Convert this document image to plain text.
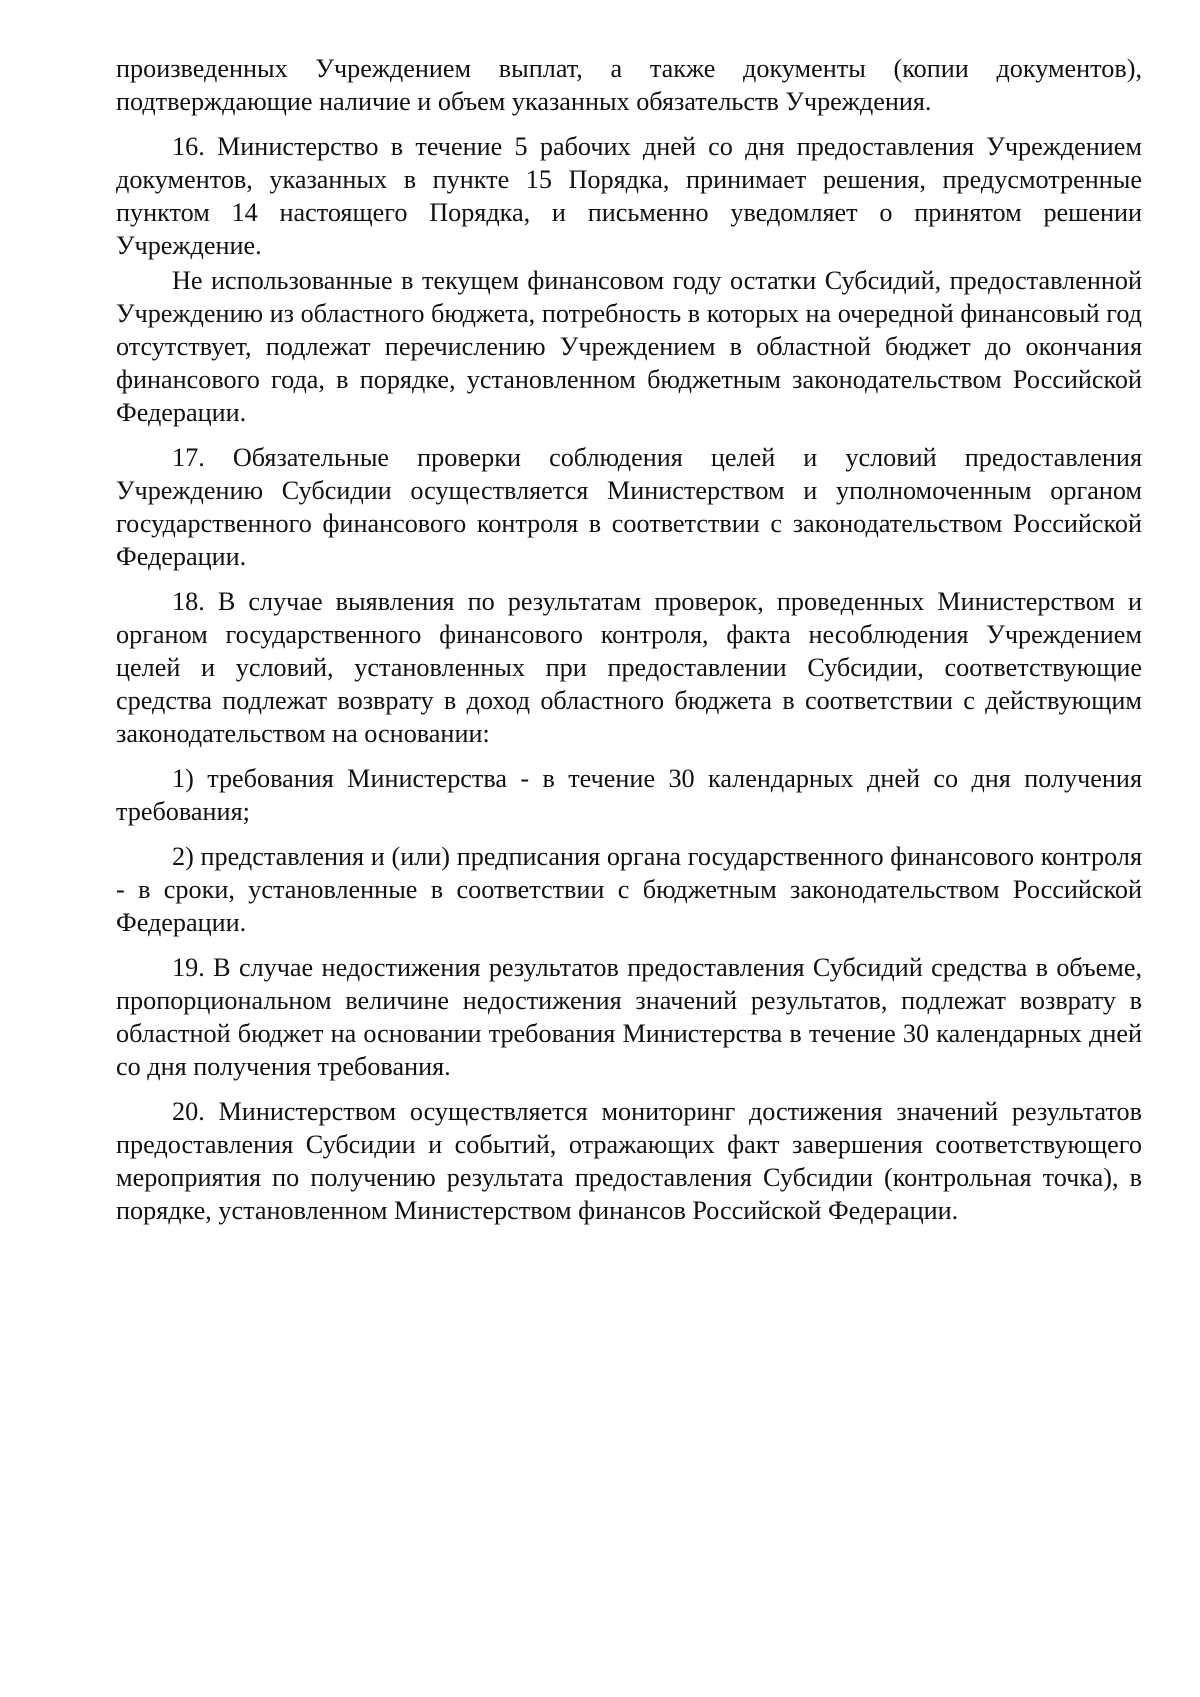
произведенных Учреждением выплат, а также документы (копии документов), подтверждающие наличие и объем указанных обязательств Учреждения.

16. Министерство в течение 5 рабочих дней со дня предоставления Учреждением документов, указанных в пункте 15 Порядка, принимает решения, предусмотренные пунктом 14 настоящего Порядка, и письменно уведомляет о принятом решении Учреждение.

Не использованные в текущем финансовом году остатки Субсидий, предоставленной Учреждению из областного бюджета, потребность в которых на очередной финансовый год отсутствует, подлежат перечислению Учреждением в областной бюджет до окончания финансового года, в порядке, установленном бюджетным законодательством Российской Федерации.

17. Обязательные проверки соблюдения целей и условий предоставления Учреждению Субсидии осуществляется Министерством и уполномоченным органом государственного финансового контроля в соответствии с законодательством Российской Федерации.

18. В случае выявления по результатам проверок, проведенных Министерством и органом государственного финансового контроля, факта несоблюдения Учреждением целей и условий, установленных при предоставлении Субсидии, соответствующие средства подлежат возврату в доход областного бюджета в соответствии с действующим законодательством на основании:

1) требования Министерства - в течение 30 календарных дней со дня получения требования;

2) представления и (или) предписания органа государственного финансового контроля - в сроки, установленные в соответствии с бюджетным законодательством Российской Федерации.

19. В случае недостижения результатов предоставления Субсидий средства в объеме, пропорциональном величине недостижения значений результатов, подлежат возврату в областной бюджет на основании требования Министерства в течение 30 календарных дней со дня получения требования.

20. Министерством осуществляется мониторинг достижения значений результатов предоставления Субсидии и событий, отражающих факт завершения соответствующего мероприятия по получению результата предоставления Субсидии (контрольная точка), в порядке, установленном Министерством финансов Российской Федерации.
